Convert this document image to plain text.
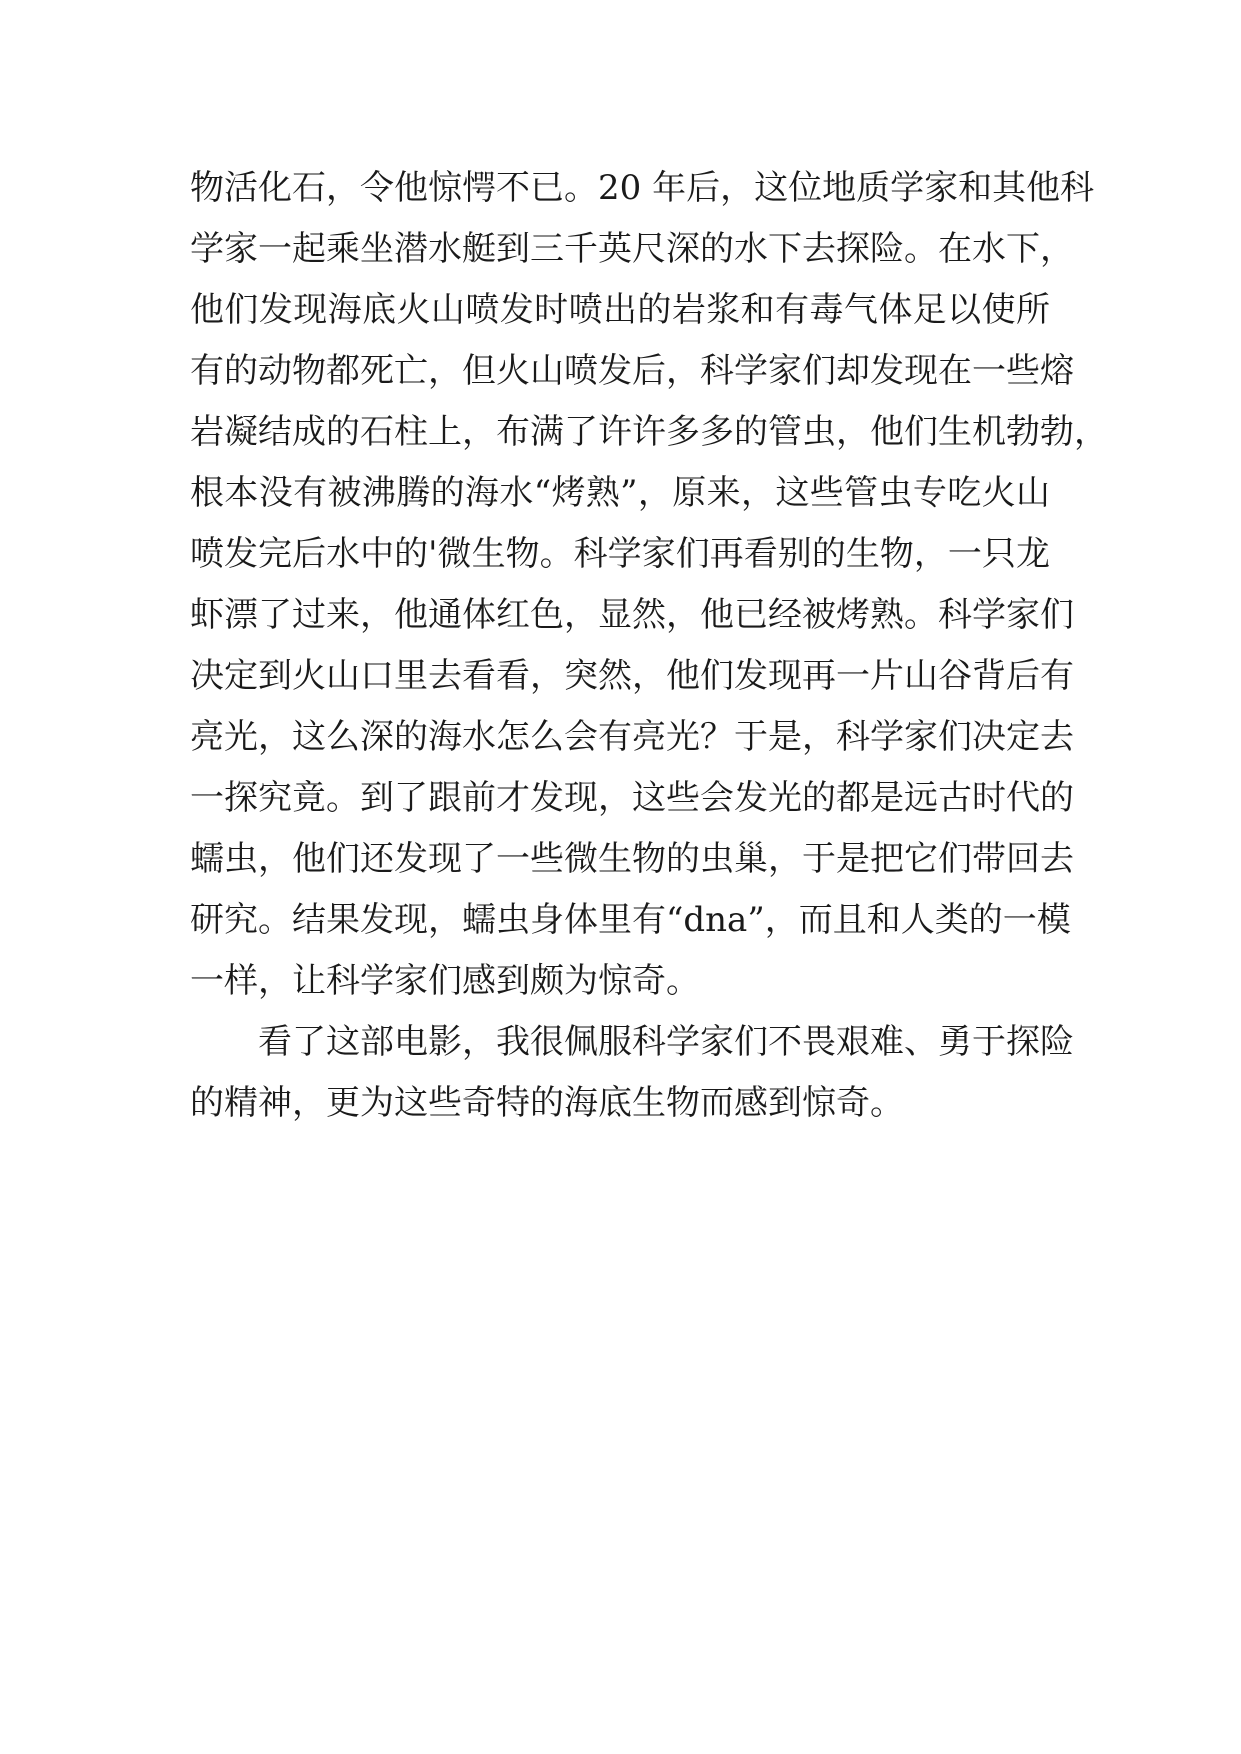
物活化石，令他惊愕不已。20 年后，这位地质学家和其他科
学家一起乘坐潜水艇到三千英尺深的水下去探险。在水下，
他们发现海底火山喷发时喷出的岩浆和有毒气体足以使所
有的动物都死亡，但火山喷发后，科学家们却发现在一些熔
岩凝结成的石柱上，布满了许许多多的管虫，他们生机勃勃，
根本没有被沸腾的海水“烤熟”，原来，这些管虫专吃火山
喷发完后水中的'微生物。科学家们再看别的生物，一只龙
虾漂了过来，他通体红色，显然，他已经被烤熟。科学家们
决定到火山口里去看看，突然，他们发现再一片山谷背后有
亮光，这么深的海水怎么会有亮光？于是，科学家们决定去
一探究竟。到了跟前才发现，这些会发光的都是远古时代的
蠕虫，他们还发现了一些微生物的虫巢，于是把它们带回去
研究。结果发现，蠕虫身体里有“dna”，而且和人类的一模
一样，让科学家们感到颇为惊奇。
看了这部电影，我很佩服科学家们不畏艰难、勇于探险
的精神，更为这些奇特的海底生物而感到惊奇。
